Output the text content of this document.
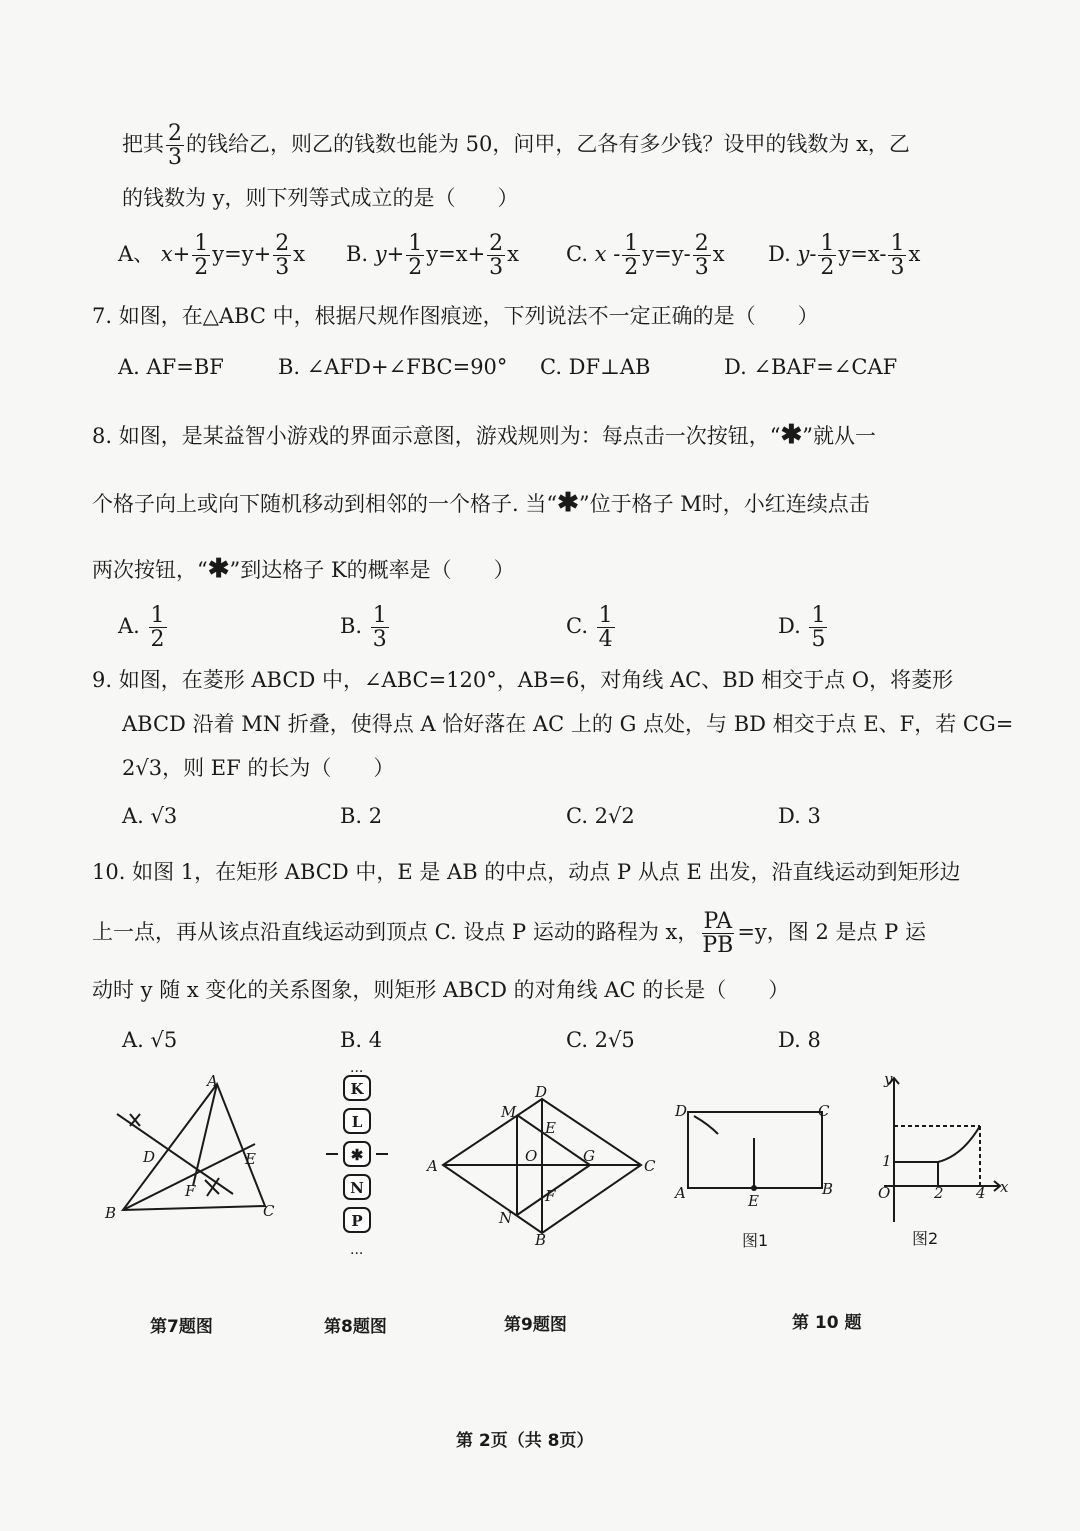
把其 $\frac{2}{3}$ 的钱给乙，则乙的钱数也能为 50，问甲，乙各有多少钱？设甲的钱数为 x，乙
的钱数为 y，则下列等式成立的是（　　）
A、 $x+ \frac{1}{2} y=y+ \frac{2}{3}$ x B. $y+ \frac{1}{2} y=x+ \frac{2}{3}$ x C. $x - \frac{1}{2} y=y- \frac{2}{3}$ x D. $y- \frac{1}{2} y=x- \frac{1}{3}$ x
7. 如图，在△ABC 中，根据尺规作图痕迹，下列说法不一定正确的是（　　）
A. AF=BF	B. ∠AFD+∠FBC=90° C. DF⊥AB	D. ∠BAF=∠CAF
8. 如图，是某益智小游戏的界面示意图，游戏规则为：每点击一次按钮，“✱”就从一
个格子向上或向下随机移动到相邻的一个格子. 当“✱”位于格子 M时，小红连续点击
两次按钮，“✱”到达格子 K的概率是（　　）
A. $\frac{1}{2}$	B. $\frac{1}{3}$	C. $\frac{1}{4}$	D. $\frac{1}{5}$
9. 如图，在菱形 ABCD 中，∠ABC=120°，AB=6，对角线 AC、BD 相交于点 O，将菱形
ABCD 沿着 MN 折叠，使得点 A 恰好落在 AC 上的 G 点处，与 BD 相交于点 E、F，若 CG=
2√3，则 EF 的长为（　　）
A. √3	B. 2	C. 2√2	D. 3
10. 如图 1，在矩形 ABCD 中，E 是 AB 的中点，动点 P 从点 E 出发，沿直线运动到矩形边
上一点，再从该点沿直线运动到顶点 C. 设点 P 运动的路程为 x， $\frac{PA}{PB} =y$，图 2 是点 P 运
动时 y 随 x 变化的关系图象，则矩形 ABCD 的对角线 AC 的长是（　　）
A. √5	B. 4	C. 2√5	D. 8
A
B	C
D	E
F
第7题图
...
K
L
✱
N
P
...
第8题图
A
B
C
D
M
N
E
F
O	G
第9题图
D	C
A	E
B
图1
y
x
O
1
2 4
图2
第 10 题
第 2页（共 8页）
